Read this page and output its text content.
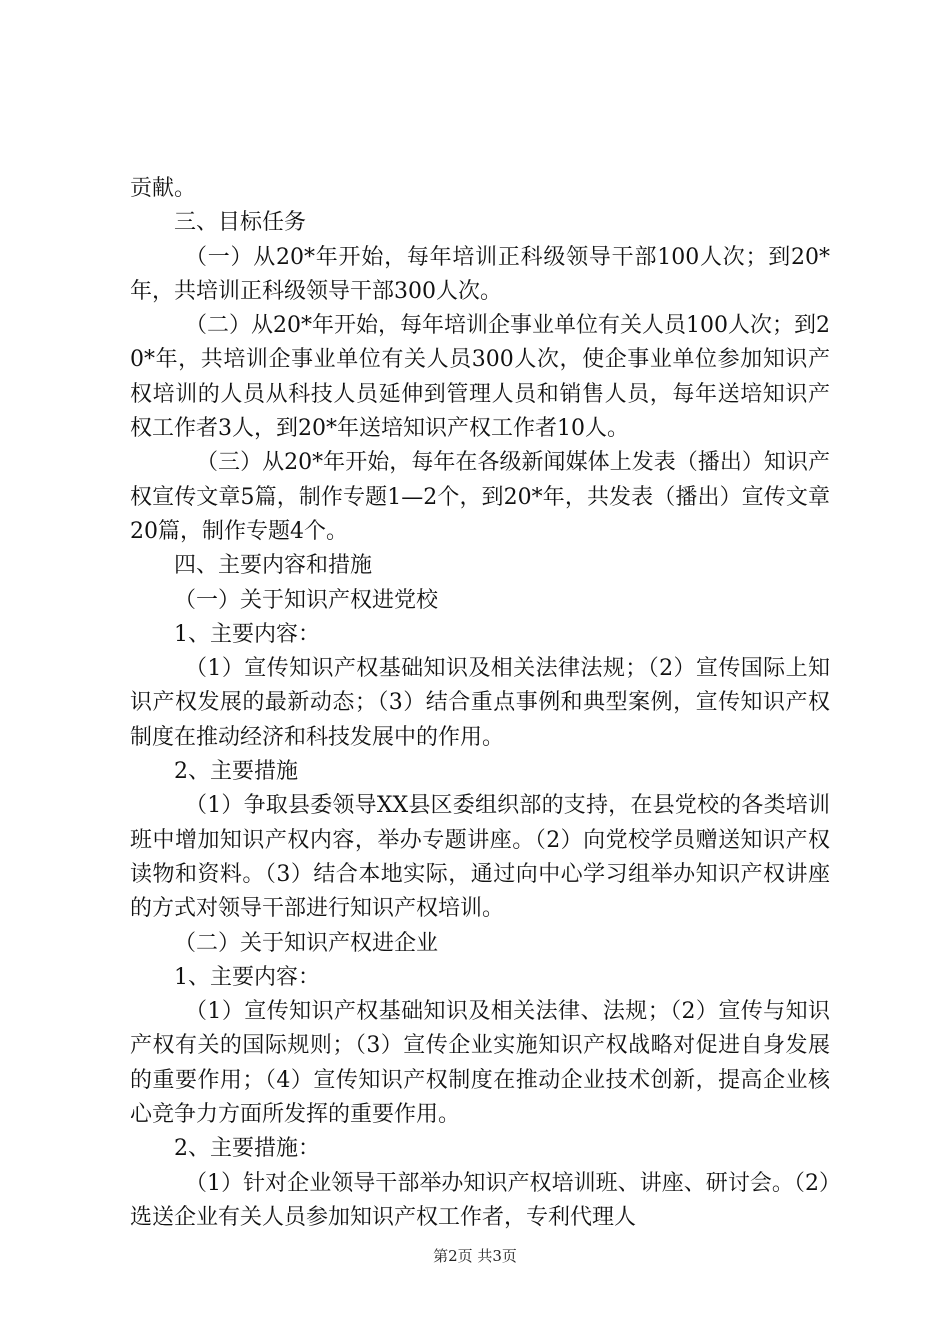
贡献。

三、目标任务

（一）从20*年开始，每年培训正科级领导干部100人次；到20*年，共培训正科级领导干部300人次。

（二）从20*年开始，每年培训企事业单位有关人员100人次；到20*年，共培训企事业单位有关人员300人次，使企事业单位参加知识产权培训的人员从科技人员延伸到管理人员和销售人员，每年送培知识产权工作者3人，到20*年送培知识产权工作者10人。

（三）从20*年开始，每年在各级新闻媒体上发表（播出）知识产权宣传文章5篇，制作专题1—2个，到20*年，共发表（播出）宣传文章20篇，制作专题4个。

四、主要内容和措施

（一）关于知识产权进党校

1、主要内容：

（1）宣传知识产权基础知识及相关法律法规；（2）宣传国际上知识产权发展的最新动态；（3）结合重点事例和典型案例，宣传知识产权制度在推动经济和科技发展中的作用。

2、主要措施

（1）争取县委领导XX县区委组织部的支持，在县党校的各类培训班中增加知识产权内容，举办专题讲座。（2）向党校学员赠送知识产权读物和资料。（3）结合本地实际，通过向中心学习组举办知识产权讲座的方式对领导干部进行知识产权培训。

（二）关于知识产权进企业

1、主要内容：

（1）宣传知识产权基础知识及相关法律、法规；（2）宣传与知识产权有关的国际规则；（3）宣传企业实施知识产权战略对促进自身发展的重要作用；（4）宣传知识产权制度在推动企业技术创新，提高企业核心竞争力方面所发挥的重要作用。

2、主要措施：

（1）针对企业领导干部举办知识产权培训班、讲座、研讨会。（2）选送企业有关人员参加知识产权工作者，专利代理人

第2页 共3页
